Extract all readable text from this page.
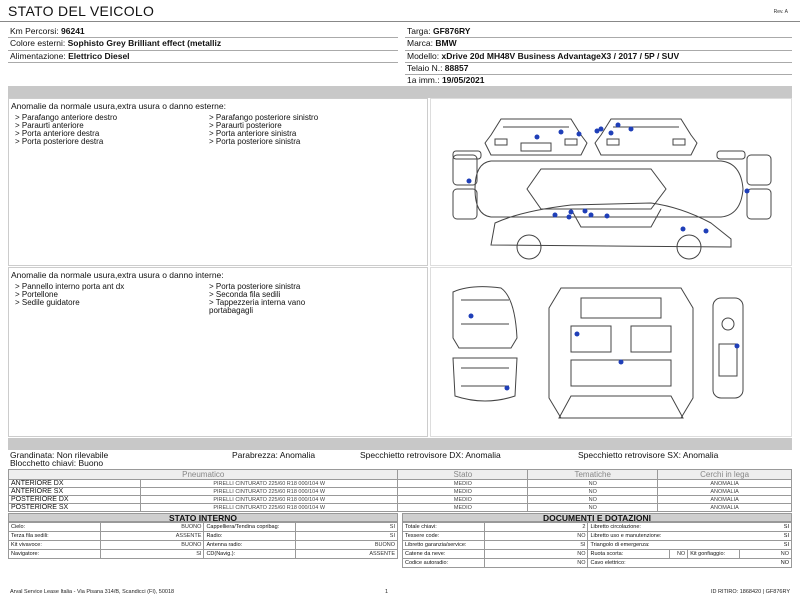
STATO DEL VEICOLO	Rev. A
Km Percorsi: 96241
Colore esterni: Sophisto Grey Brilliant effect (metalliz
Alimentazione: Elettrico Diesel
Targa: GF876RY
Marca: BMW
Modello: xDrive 20d MH48V Business AdvantageX3 / 2017 / 5P / SUV
Telaio N.: 88857
1a imm.: 19/05/2021
Anomalie da normale usura,extra usura o danno esterne:
> Parafango anteriore destro
> Paraurti anteriore
> Porta anteriore destra
> Porta posteriore destra
> Parafango posteriore sinistro
> Paraurti posteriore
> Porta anteriore sinistra
> Porta posteriore sinistra
Anomalie da normale usura,extra usura o danno interne:
> Pannello interno porta ant dx
> Portellone
> Sedile guidatore
> Porta posteriore sinistra
> Seconda fila sedili
> Tappezzeria interna vano
portabagagli
Grandinata: Non rilevabile	Parabrezza: Anomalia	Specchietto retrovisore DX: Anomalia	Specchietto retrovisore SX: Anomalia
Blocchetto chiavi: Buono
Pneumatico		Stato	Tematiche	Cerchi in lega
ANTERIORE DX	PIRELLI CINTURATO 225/60 R18 000/104 W	MEDIO	NO	ANOMALIA
ANTERIORE SX	PIRELLI CINTURATO 225/60 R18 000/104 W	MEDIO	NO	ANOMALIA
POSTERIORE DX	PIRELLI CINTURATO 225/60 R18 000/104 W	MEDIO	NO	ANOMALIA
POSTERIORE SX	PIRELLI CINTURATO 225/60 R18 000/104 W	MEDIO	NO	ANOMALIA
STATO INTERNO
Cielo:	BUONO	Cappelliera/Tendina copribag:	SI
Terza fila sedili:	ASSENTE	Radio:	SI
Kit vivavoce:	BUONO	Antenna radio:	BUONO
Navigatore:	SI	CD(Navig.):	ASSENTE
DOCUMENTI E DOTAZIONI
Totale chiavi:	2	Libretto circolazione: SI			

Tessere code:	NO	Libretto uso e manutenzione: SI			

Libretto garanzia/service:	SI	Triangolo di emergenza: SI			

Catene da neve:	NO	Ruota scorta:	NO	Kit gonfiaggio:	NO
Codice autoradio:	NO	Cavo elettrico: NO			
Arval Service Lease Italia - Via Pisana 314/B, Scandicci (FI), 50018	1	ID RITIRO: 1868420 | GF876RY
